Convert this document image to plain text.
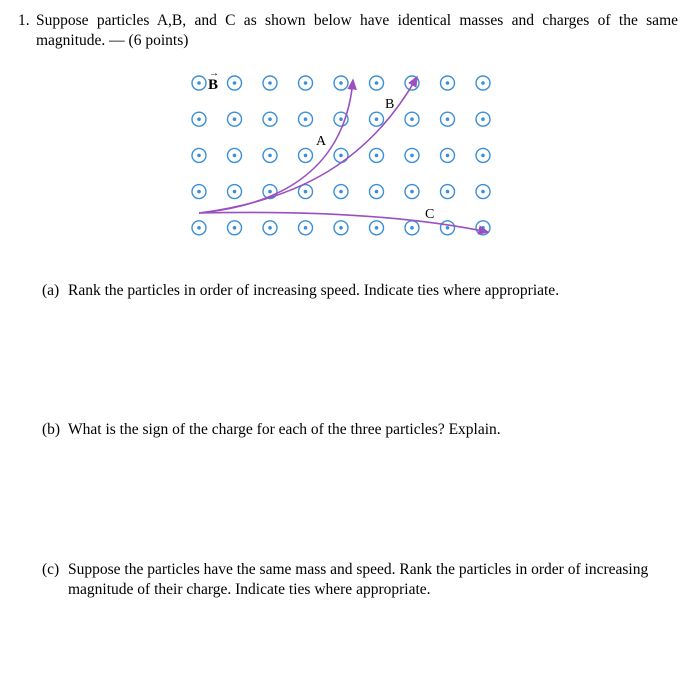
1. Suppose particles A,B, and C as shown below have identical masses and charges of the same magnitude. — (6 points)
B
→
A
B
C
(a) Rank the particles in order of increasing speed. Indicate ties where appropriate.
(b) What is the sign of the charge for each of the three particles? Explain.
(c) Suppose the particles have the same mass and speed. Rank the particles in order of increasing magnitude of their charge. Indicate ties where appropriate.
